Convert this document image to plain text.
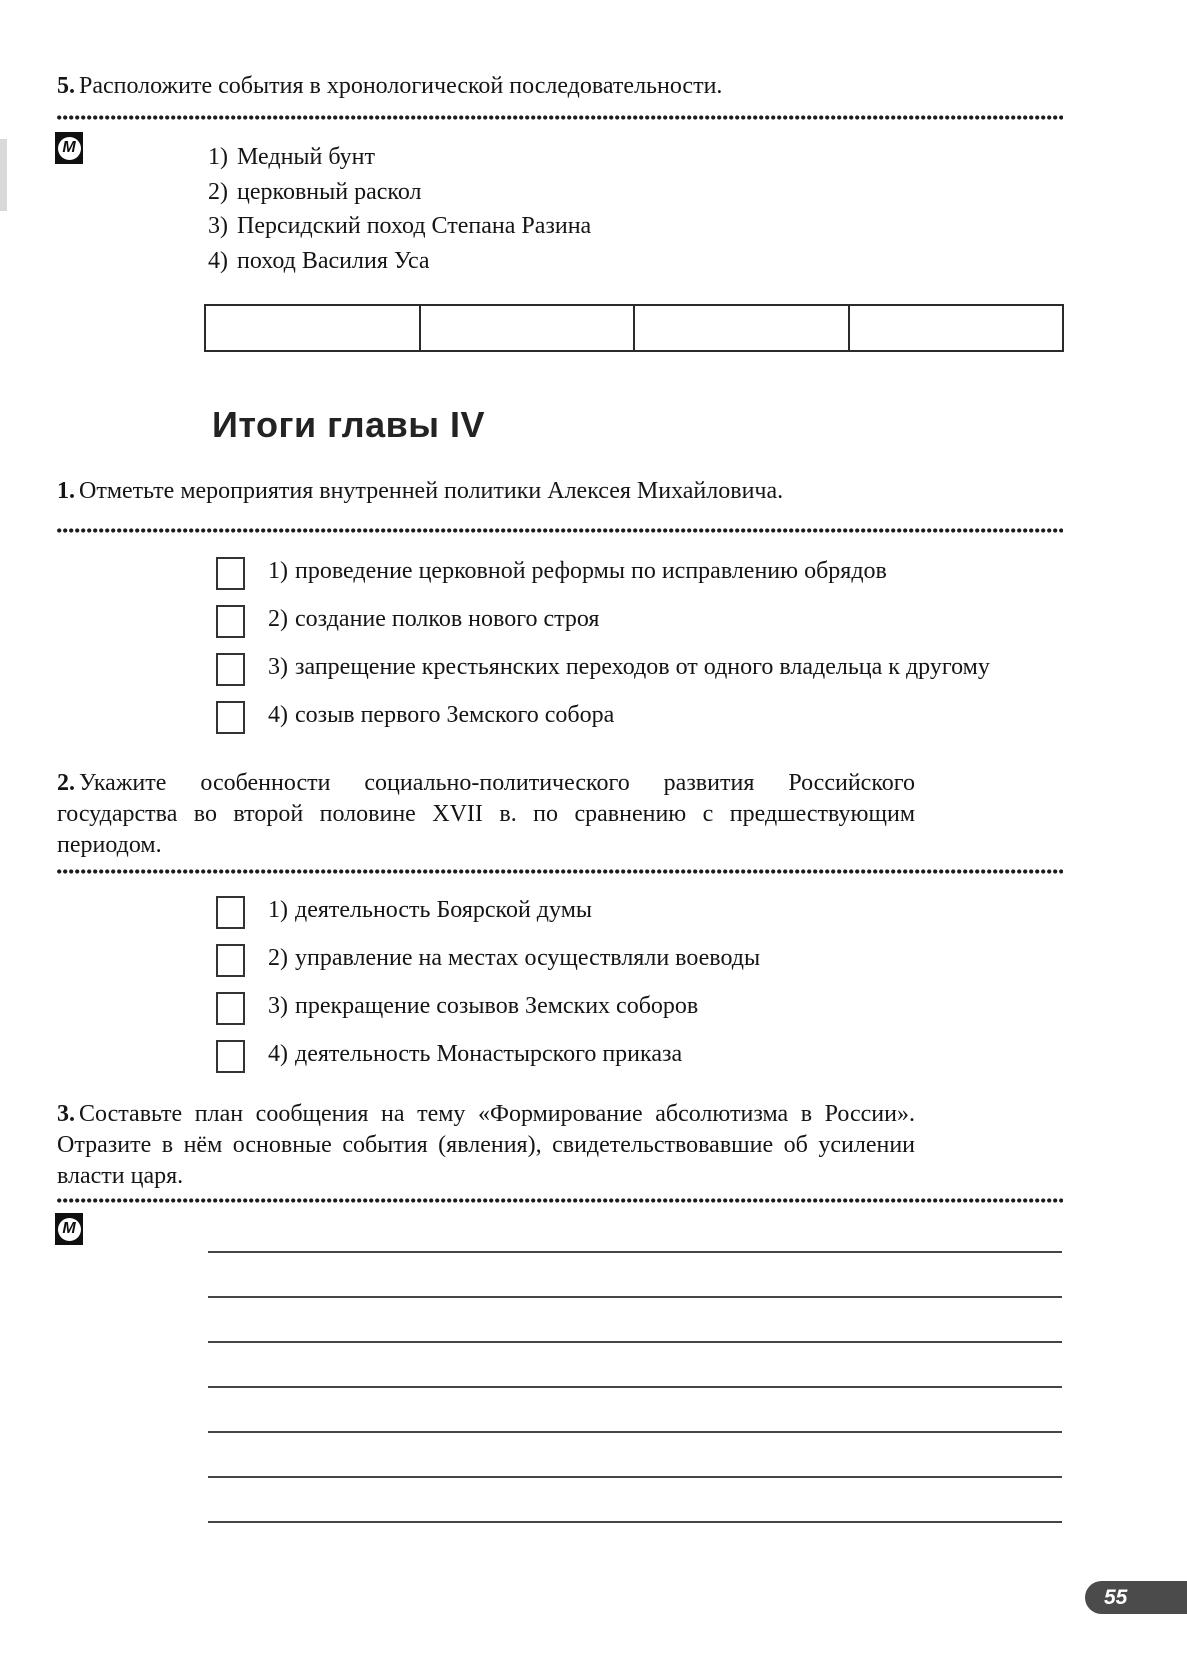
5. Расположите события в хронологической последовательности.

М	1) Медный бунт
2) церковный раскол
3) Персидский поход Степана Разина
4) поход Василия Уса
Итоги главы IV

1. Отметьте мероприятия внутренней политики Алексея Михайловича.

1) проведение церковной реформы по исправлению обрядов
2) создание полков нового строя
3) запрещение крестьянских переходов от одного владельца к другому
4) созыв первого Земского собора

2. Укажите особенности социально-политического развития Российского государства во второй половине XVII в. по сравнению с предшествующим периодом.

1) деятельность Боярской думы
2) управление на местах осуществляли воеводы
3) прекращение созывов Земских соборов
4) деятельность Монастырского приказа

3. Составьте план сообщения на тему «Формирование абсолютизма в России». Отразите в нём основные события (явления), свидетельствовавшие об усилении власти царя.

М
55
